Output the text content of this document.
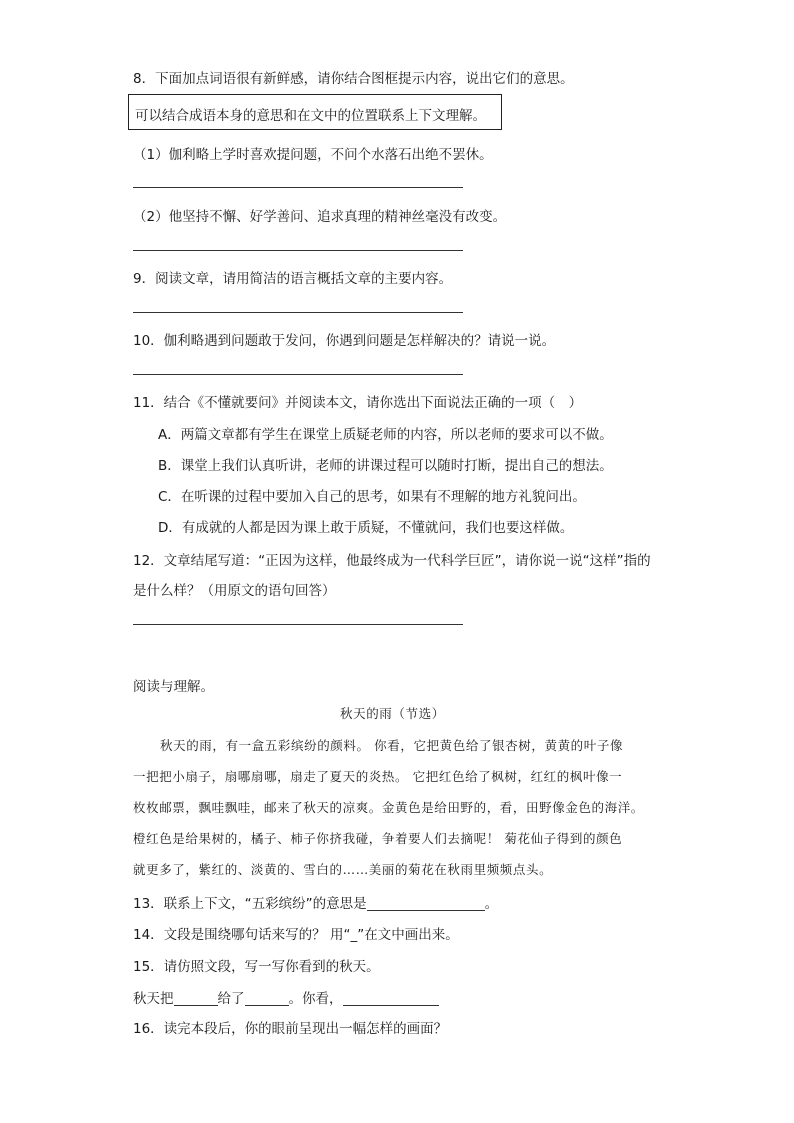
8．下面加点词语很有新鲜感，请你结合图框提示内容，说出它们的意思。
可以结合成语本身的意思和在文中的位置联系上下文理解。
（1）伽利略上学时喜欢提问题，不问个水落石出绝不罢休。
（2）他坚持不懈、好学善问、追求真理的精神丝毫没有改变。
9．阅读文章，请用简洁的语言概括文章的主要内容。
10．伽利略遇到问题敢于发问，你遇到问题是怎样解决的？请说一说。
11．结合《不懂就要问》并阅读本文，请你选出下面说法正确的一项（　）
A．两篇文章都有学生在课堂上质疑老师的内容，所以老师的要求可以不做。
B．课堂上我们认真听讲，老师的讲课过程可以随时打断，提出自己的想法。
C．在听课的过程中要加入自己的思考，如果有不理解的地方礼貌问出。
D．有成就的人都是因为课上敢于质疑，不懂就问，我们也要这样做。
12．文章结尾写道：“正因为这样，他最终成为一代科学巨匠”，请你说一说“这样”指的
是什么样？（用原文的语句回答）
阅读与理解。
秋天的雨（节选）
秋天的雨，有一盒五彩缤纷的颜料。 你看，它把黄色给了银杏树，黄黄的叶子像
一把把小扇子，扇哪扇哪，扇走了夏天的炎热。 它把红色给了枫树，红红的枫叶像一
枚枚邮票，飘哇飘哇，邮来了秋天的凉爽。金黄色是给田野的，看，田野像金色的海洋。
橙红色是给果树的，橘子、柿子你挤我碰，争着要人们去摘呢！ 菊花仙子得到的颜色
就更多了，紫红的、淡黄的、雪白的……美丽的菊花在秋雨里频频点头。
13．联系上下文，“五彩缤纷”的意思是	。
14．文段是围绕哪句话来写的？ 用“_”在文中画出来。
15．请仿照文段，写一写你看到的秋天。
秋天把	给了	。你看，
16．读完本段后，你的眼前呈现出一幅怎样的画面？
